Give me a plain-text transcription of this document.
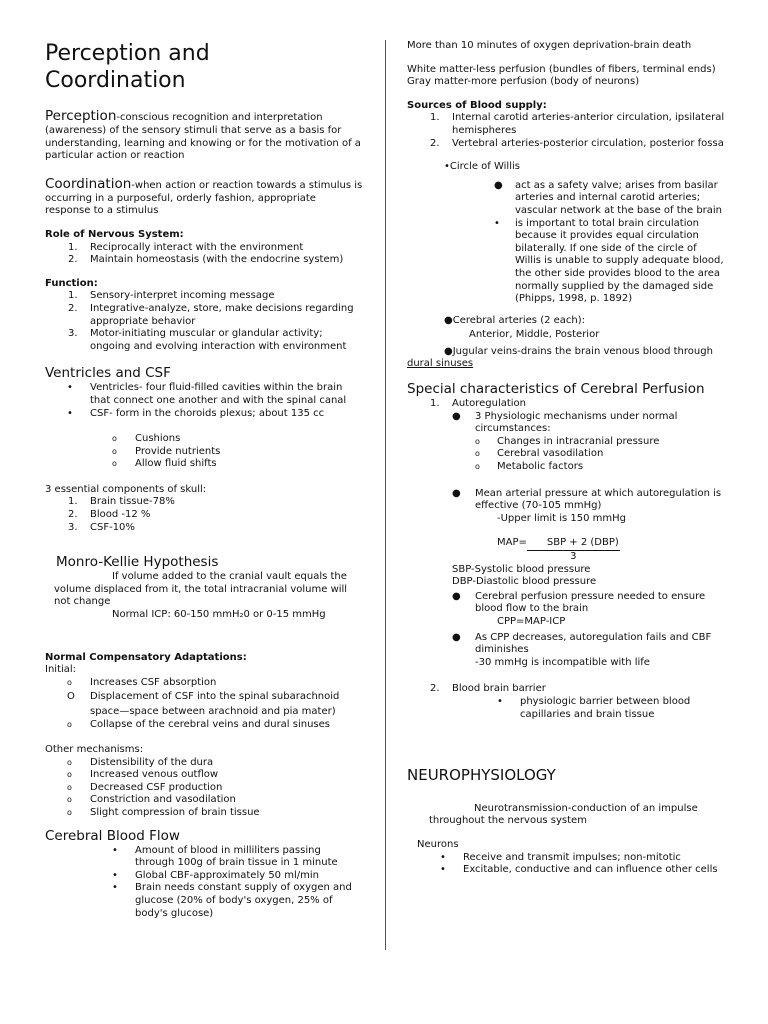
Perception and
Coordination

Perception-conscious recognition and interpretation (awareness) of the sensory stimuli that serve as a basis for understanding, learning and knowing or for the motivation of a particular action or reaction

Coordination-when action or reaction towards a stimulus is occurring in a purposeful, orderly fashion, appropriate response to a stimulus

Role of Nervous System:

1.	Reciprocally interact with the environment
2.	Maintain homeostasis (with the endocrine system)

Function:

1.	Sensory-interpret incoming message
2.	Integrative-analyze, store, make decisions regarding appropriate behavior
3.	Motor-initiating muscular or glandular activity; ongoing and evolving interaction with environment

Ventricles and CSF

•	Ventricles- four fluid-filled cavities within the brain that connect one another and with the spinal canal
•	CSF- form in the choroids plexus; about 135 cc
o	Cushions
o	Provide nutrients
o	Allow fluid shifts

3 essential components of skull:

1.	Brain tissue-78%
2.	Blood -12 %
3.	CSF-10%

Monro-Kellie Hypothesis

If volume added to the cranial vault equals the volume displaced from it, the total intracranial volume will not change

Normal ICP: 60-150 mmH₂0 or 0-15 mmHg

Normal Compensatory Adaptations:

Initial:

o	Increases CSF absorption
O	Displacement of CSF into the spinal subarachnoid space—space between arachnoid and pia mater)
o	Collapse of the cerebral veins and dural sinuses

Other mechanisms:

o	Distensibility of the dura
o	Increased venous outflow
o	Decreased CSF production
o	Constriction and vasodilation
o	Slight compression of brain tissue

Cerebral Blood Flow

•	Amount of blood in milliliters passing through 100g of brain tissue in 1 minute
•	Global CBF-approximately 50 ml/min
•	Brain needs constant supply of oxygen and glucose (20% of body's oxygen, 25% of body's glucose)

More than 10 minutes of oxygen deprivation-brain death

White matter-less perfusion (bundles of fibers, terminal ends)

Gray matter-more perfusion (body of neurons)

Sources of Blood supply:

1.	Internal carotid arteries-anterior circulation, ipsilateral hemispheres
2.	Vertebral arteries-posterior circulation, posterior fossa

•Circle of Willis

●	act as a safety valve; arises from basilar arteries and internal carotid arteries; vascular network at the base of the brain
•	is important to total brain circulation because it provides equal circulation bilaterally. If one side of the circle of Willis is unable to supply adequate blood, the other side provides blood to the area normally supplied by the damaged side (Phipps, 1998, p. 1892)

●Cerebral arteries (2 each):

Anterior, Middle, Posterior

●Jugular veins-drains the brain venous blood through

dural sinuses

Special characteristics of Cerebral Perfusion

1.	Autoregulation
●	3 Physiologic mechanisms under normal circumstances:
o	Changes in intracranial pressure
o	Cerebral vasodilation
o	Metabolic factors
●	Mean arterial pressure at which autoregulation is effective (70-105 mmHg)

-Upper limit is 150 mmHg

MAP=	SBP + 2 (DBP)
3

SBP-Systolic blood pressure

DBP-Diastolic blood pressure

●	Cerebral perfusion pressure needed to ensure blood flow to the brain

CPP=MAP-ICP

●	As CPP decreases, autoregulation fails and CBF diminishes

-30 mmHg is incompatible with life

2.	Blood brain barrier
•	physiologic barrier between blood capillaries and brain tissue

NEUROPHYSIOLOGY

Neurotransmission-conduction of an impulse throughout the nervous system

Neurons

•	Receive and transmit impulses; non-mitotic
•	Excitable, conductive and can influence other cells
